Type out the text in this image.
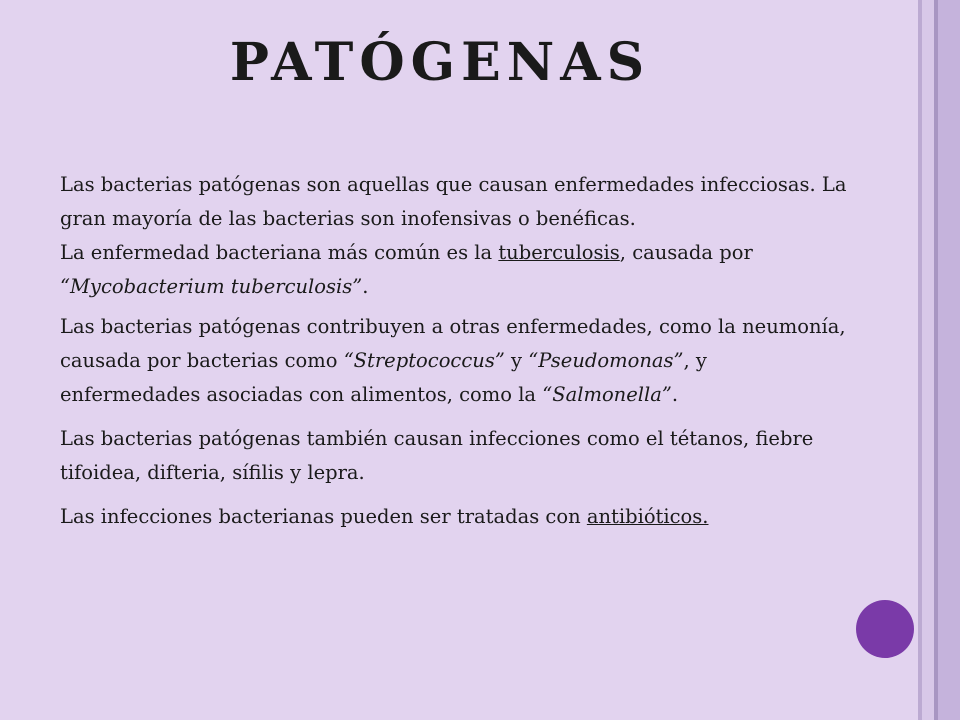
PATÓGENAS

Las bacterias patógenas son aquellas que causan enfermedades infecciosas. La gran mayoría de las bacterias son inofensivas o benéficas.

La enfermedad bacteriana más común es la tuberculosis, causada por “Mycobacterium tuberculosis”.

Las bacterias patógenas contribuyen a otras enfermedades, como la neumonía, causada por bacterias como “Streptococcus” y “Pseudomonas”, y enfermedades asociadas con alimentos, como la “Salmonella”.

Las bacterias patógenas también causan infecciones como el tétanos, fiebre tifoidea, difteria, sífilis y lepra.

Las infecciones bacterianas pueden ser tratadas con antibióticos.
